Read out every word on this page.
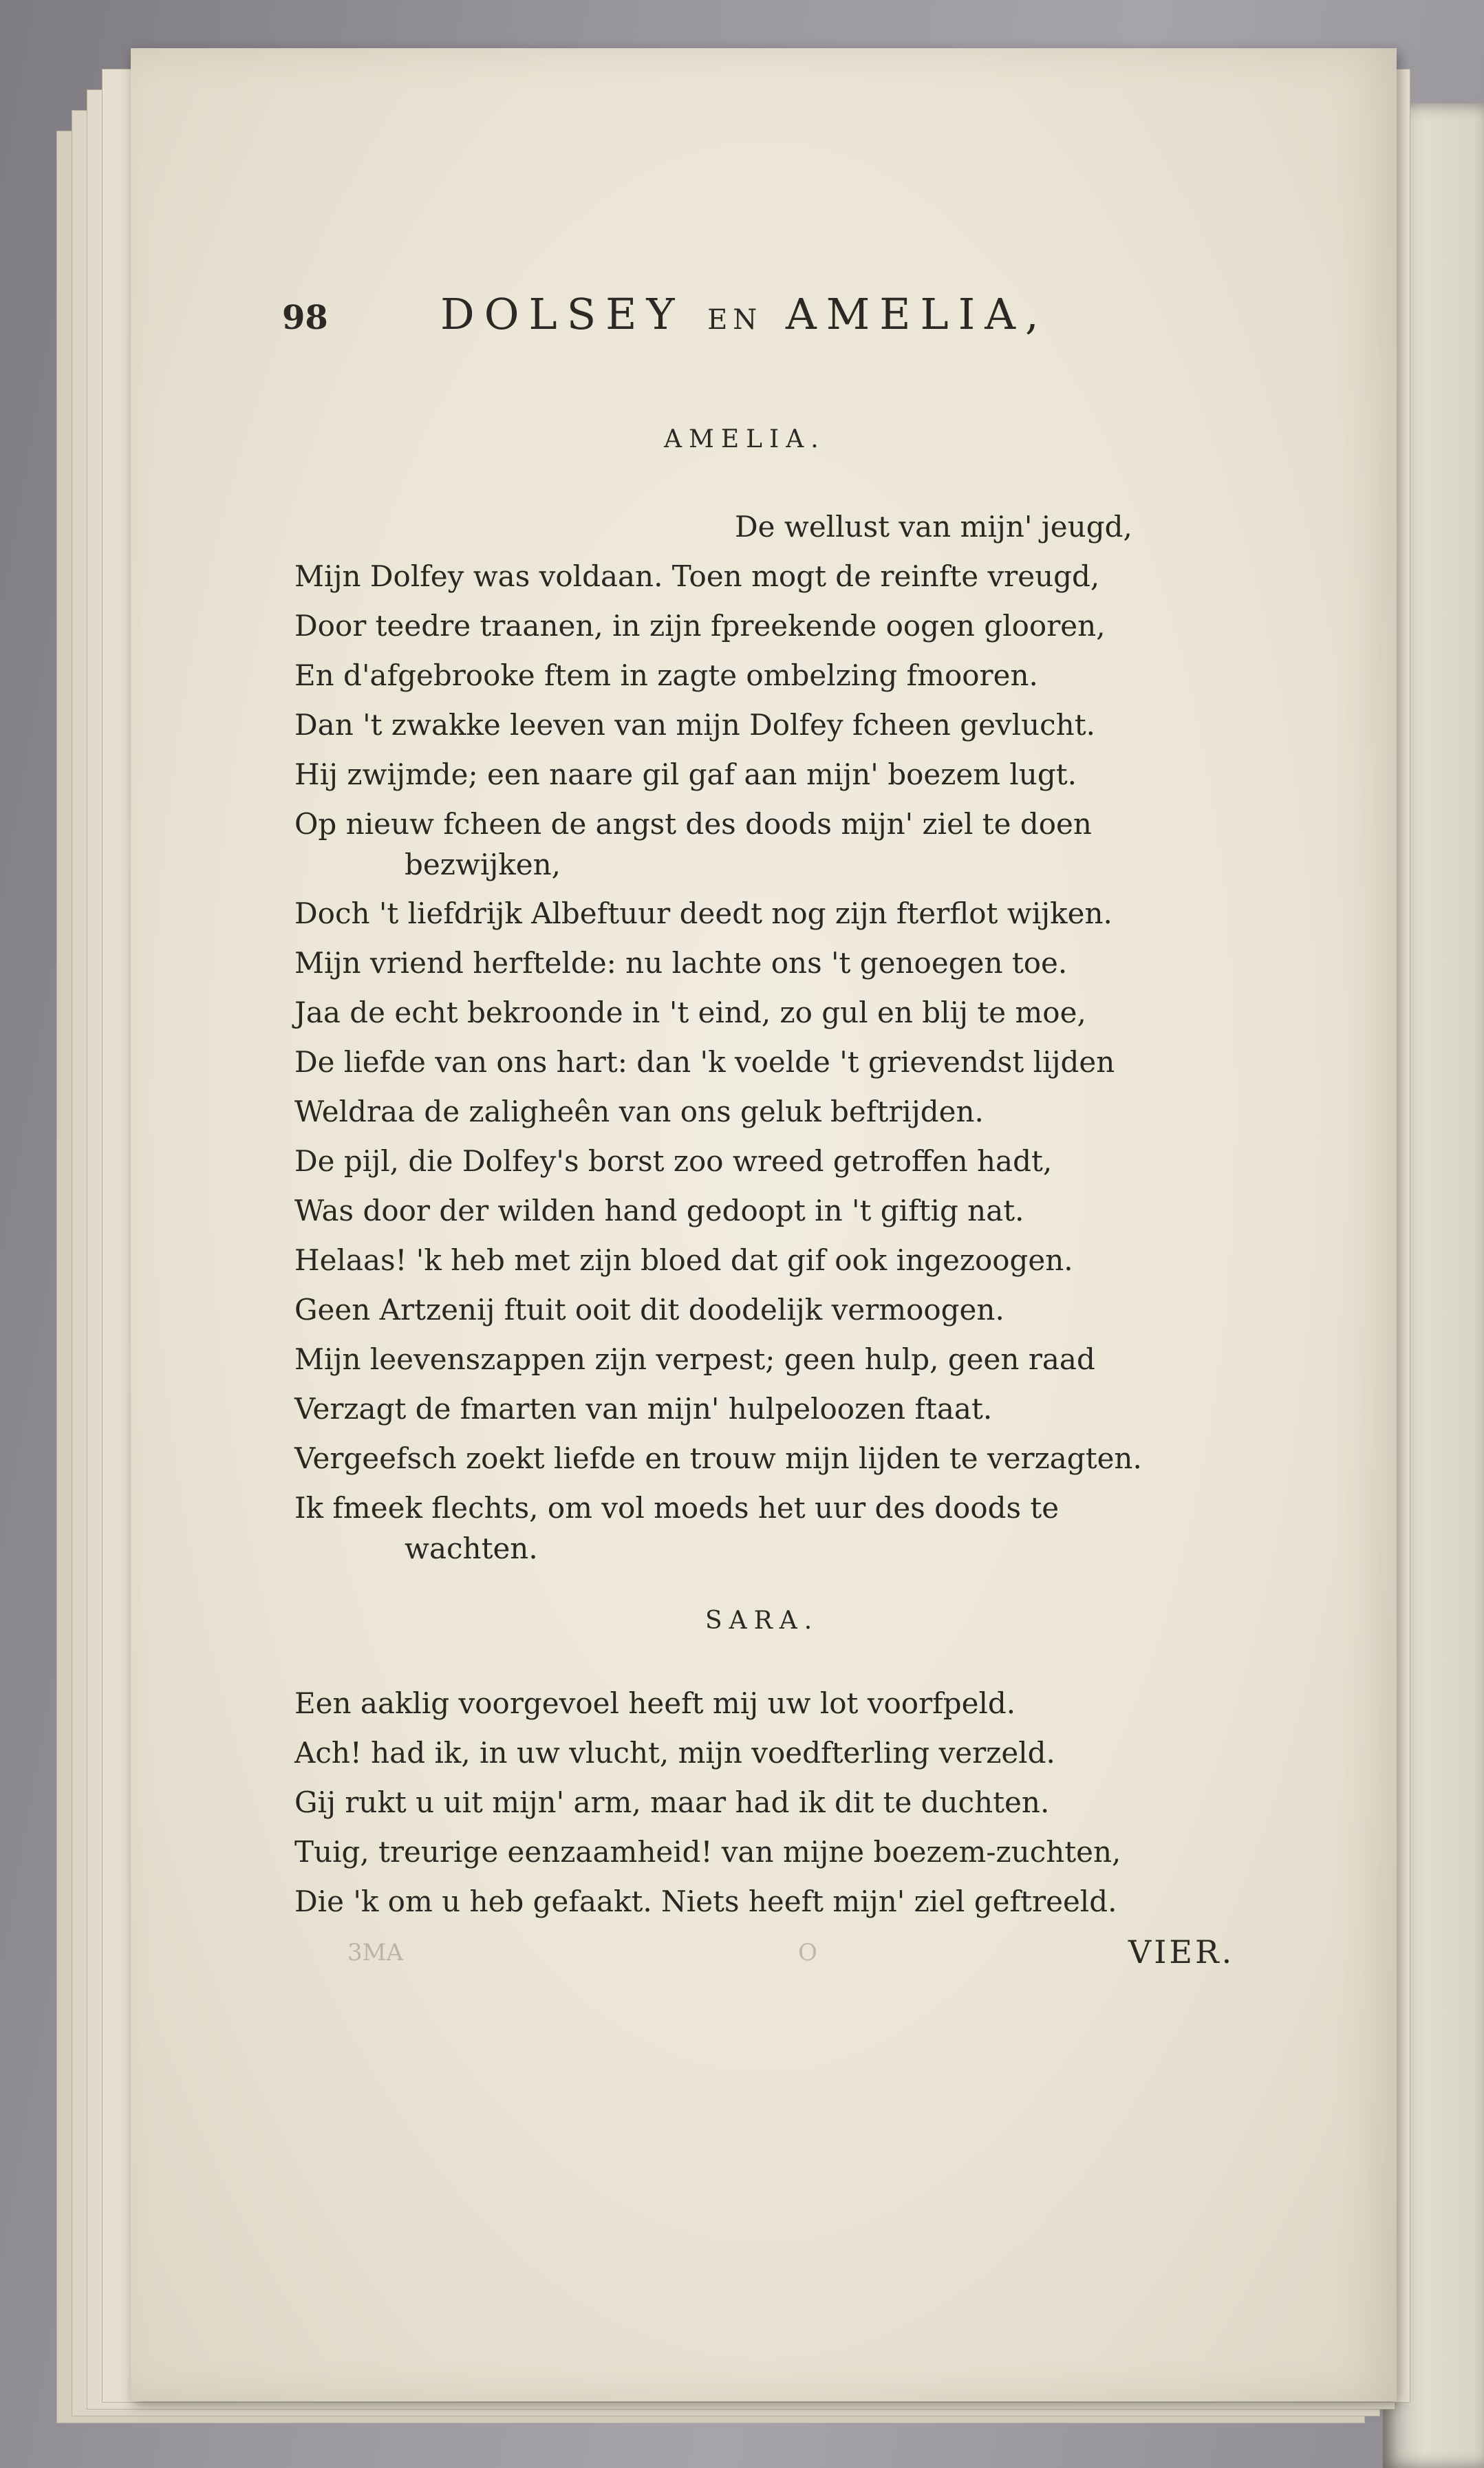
98	DOLSEY EN AMELIA,
AMELIA.
De wellust van mijn' jeugd,
Mijn Dolfey was voldaan. Toen mogt de reinfte vreugd,
Door teedre traanen, in zijn fpreekende oogen glooren,
En d'afgebrooke ftem in zagte ombelzing fmooren.
Dan 't zwakke leeven van mijn Dolfey fcheen gevlucht.
Hij zwijmde; een naare gil gaf aan mijn' boezem lugt.
Op nieuw fcheen de angst des doods mijn' ziel te doen
bezwijken,
Doch 't liefdrijk Albeftuur deedt nog zijn fterflot wijken.
Mijn vriend herftelde: nu lachte ons 't genoegen toe.
Jaa de echt bekroonde in 't eind, zo gul en blij te moe,
De liefde van ons hart: dan 'k voelde 't grievendst lijden
Weldraa de zaligheên van ons geluk beftrijden.
De pijl, die Dolfey's borst zoo wreed getroffen hadt,
Was door der wilden hand gedoopt in 't giftig nat.
Helaas! 'k heb met zijn bloed dat gif ook ingezoogen.
Geen Artzenij ftuit ooit dit doodelijk vermoogen.
Mijn leevenszappen zijn verpest; geen hulp, geen raad
Verzagt de fmarten van mijn' hulpeloozen ftaat.
Vergeefsch zoekt liefde en trouw mijn lijden te verzagten.
Ik fmeek flechts, om vol moeds het uur des doods te
wachten.
SARA.
Een aaklig voorgevoel heeft mij uw lot voorfpeld.
Ach! had ik, in uw vlucht, mijn voedfterling verzeld.
Gij rukt u uit mijn' arm, maar had ik dit te duchten.
Tuig, treurige eenzaamheid! van mijne boezem-zuchten,
Die 'k om u heb gefaakt. Niets heeft mijn' ziel geftreeld.
3MA	O	VIER.
